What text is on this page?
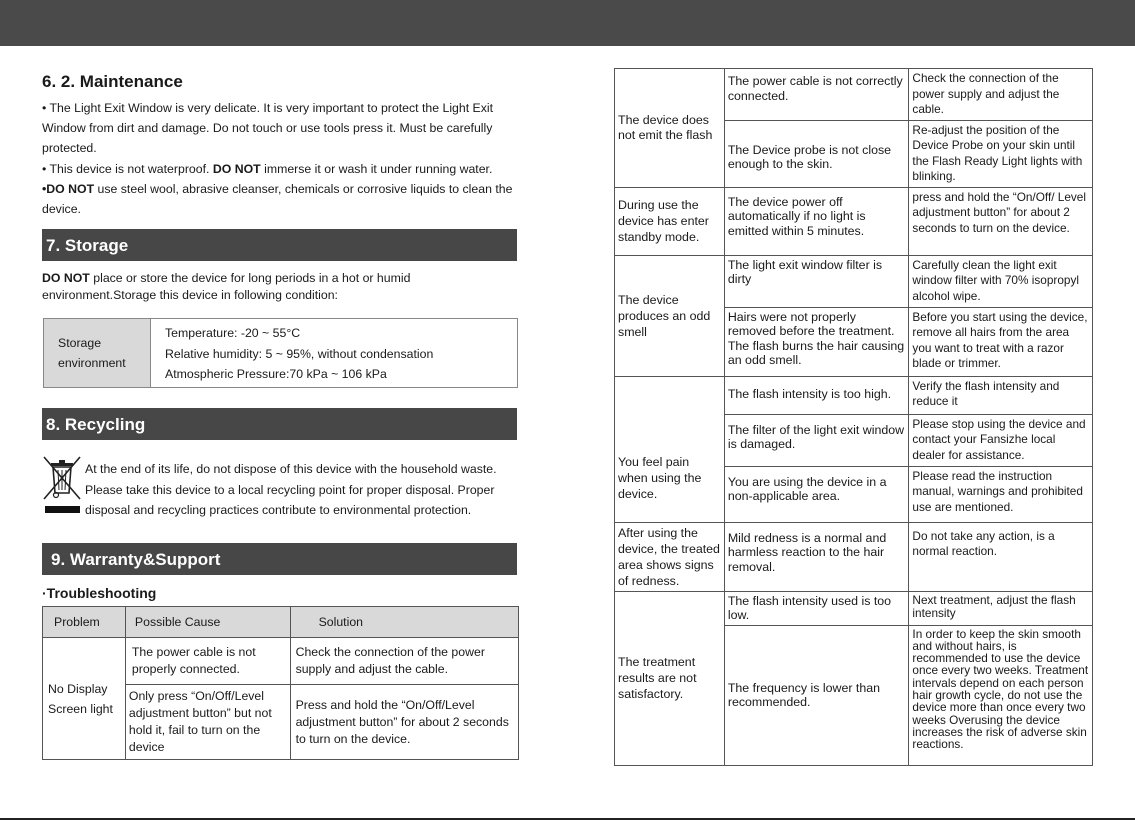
6. 2. Maintenance
• The Light Exit Window is very delicate. It is very important to protect the Light Exit Window from dirt and damage. Do not touch or use tools press it. Must be carefully protected.
• This device is not waterproof. DO NOT immerse it or wash it under running water.
•DO NOT use steel wool, abrasive cleanser, chemicals or corrosive liquids to clean the device.
7. Storage
DO NOT place or store the device for long periods in a hot or humid environment.Storage this device in following condition:
Storage environment
Temperature: -20 ~ 55°C
Relative humidity: 5 ~ 95%, without condensation
Atmospheric Pressure:70 kPa ~ 106 kPa
8. Recycling
At the end of its life, do not dispose of this device with the household waste.
Please take this device to a local recycling point for proper disposal. Proper
disposal and recycling practices contribute to environmental protection.
9. Warranty&Support
·Troubleshooting
Problem	Possible Cause	Solution
No Display Screen light	The power cable is not properly connected.	Check the connection of the power supply and adjust the cable.
	Only press “On/Off/Level adjustment button” but not hold it, fail to turn on the device	Press and hold the “On/Off/Level adjustment button” for about 2 seconds to turn on the device.
The device does not emit the flash	The power cable is not correctly connected.	Check the connection of the power supply and adjust the cable.
	The Device probe is not close enough to the skin.	Re-adjust the position of the Device Probe on your skin until the Flash Ready Light lights with blinking.
During use the device has enter standby mode.	The device power off automatically if no light is emitted within 5 minutes.	press and hold the “On/Off/ Level adjustment button” for about 2 seconds to turn on the device.
The device produces an odd smell	The light exit window filter is dirty	Carefully clean the light exit window filter with 70% isopropyl alcohol wipe.
	Hairs were not properly removed before the treatment. The flash burns the hair causing an odd smell.	Before you start using the device, remove all hairs from the area you want to treat with a razor blade or trimmer.
You feel pain when using the device.	The flash intensity is too high.	Verify the flash intensity and reduce it
	The filter of the light exit window is damaged.	Please stop using the device and contact your Fansizhe local dealer for assistance.
	You are using the device in a non-applicable area.	Please read the instruction manual, warnings and prohibited use are mentioned.
After using the device, the treated area shows signs of redness.	Mild redness is a normal and harmless reaction to the hair removal.	Do not take any action, is a normal reaction.
The treatment results are not satisfactory.	The flash intensity used is too low.	Next treatment, adjust the flash intensity
	The frequency is lower than recommended.	In order to keep the skin smooth and without hairs, is recommended to use the device once every two weeks. Treatment intervals depend on each person hair growth cycle, do not use the device more than once every two weeks Overusing the device increases the risk of adverse skin reactions.
